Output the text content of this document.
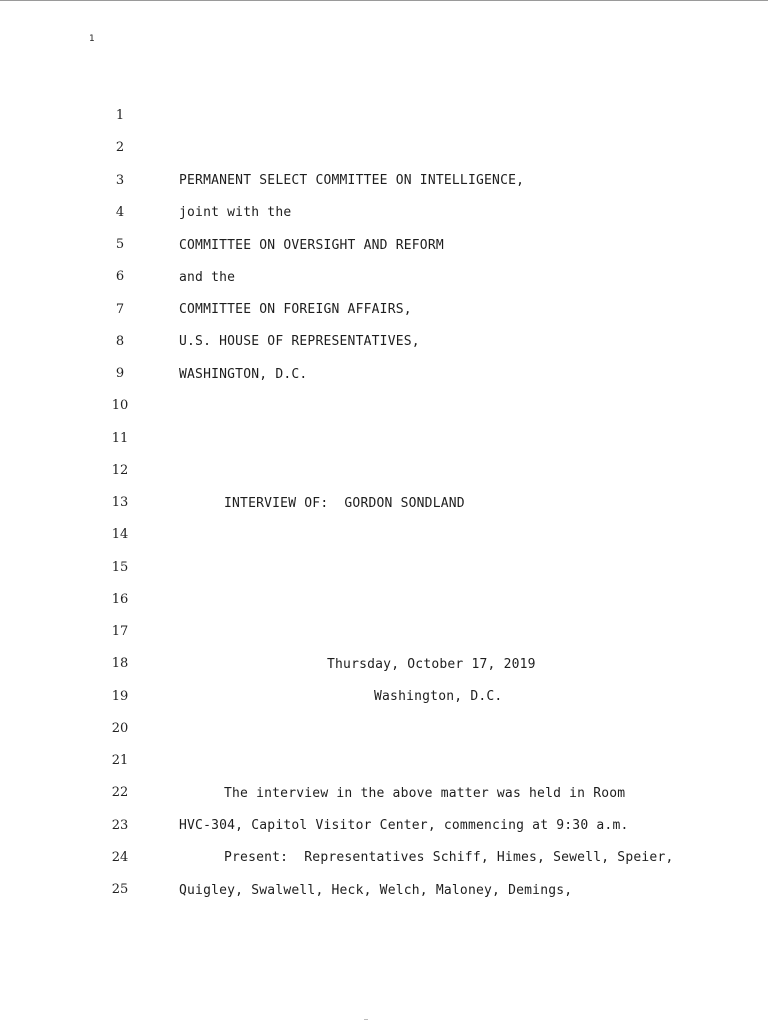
1
1
2
3
4
5
6
7
8
9
10
11
12
13
14
15
16
17
18
19
20
21
22
23
24
25
PERMANENT SELECT COMMITTEE ON INTELLIGENCE,
joint with the
COMMITTEE ON OVERSIGHT AND REFORM
and the
COMMITTEE ON FOREIGN AFFAIRS,
U.S. HOUSE OF REPRESENTATIVES,
WASHINGTON, D.C.
INTERVIEW OF:  GORDON SONDLAND
Thursday, October 17, 2019
Washington, D.C.
The interview in the above matter was held in Room
HVC-304, Capitol Visitor Center, commencing at 9:30 a.m.
Present:  Representatives Schiff, Himes, Sewell, Speier,
Quigley, Swalwell, Heck, Welch, Maloney, Demings,
